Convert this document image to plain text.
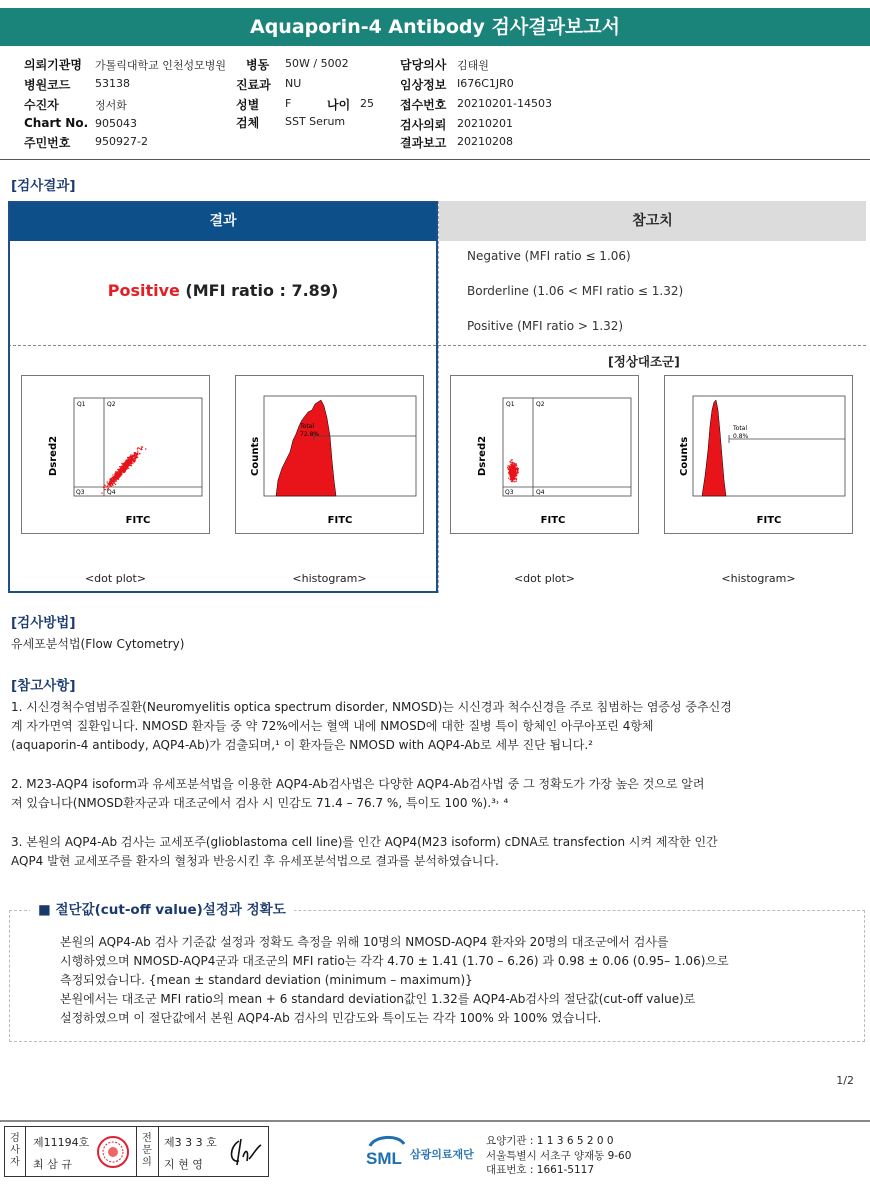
Aquaporin-4 Antibody 검사결과보고서
의뢰기관명 가톨릭대학교 인천성모병원 병동 50W / 5002	담당의사 김태원
병원코드 53138	진료과 NU	임상정보 I676C1JR0
수진자	정서화	성별 F	나이 25 접수번호 20210201-14503
Chart No. 905043	검체 SST Serum	검사의뢰 20210201
주민번호 950927-2	결과보고 20210208
[검사결과]
결과	참고치
Positive (MFI ratio : 7.89)
Negative (MFI ratio ≤ 1.06)
Borderline (1.06 < MFI ratio ≤ 1.32)
Positive (MFI ratio > 1.32)
[정상대조군]
Q1	Q2
Q3	Q4
Dsred2
FITC
<dot plot>
Total
72.8%
Counts
FITC
<histogram>
Q1	Q2
Q3	Q4
Dsred2
FITC
<dot plot>
Total
0.8%
Counts
FITC
<histogram>
[검사방법]
유세포분석법(Flow Cytometry)
[참고사항]
1. 시신경척수염범주질환(Neuromyelitis optica spectrum disorder, NMOSD)는 시신경과 척수신경을 주로 침범하는 염증성 중추신경
계 자가면역 질환입니다. NMOSD 환자들 중 약 72%에서는 혈액 내에 NMOSD에 대한 질병 특이 항체인 아쿠아포린 4항체
(aquaporin-4 antibody, AQP4-Ab)가 검출되며,¹ 이 환자들은 NMOSD with AQP4-Ab로 세부 진단 됩니다.²
2. M23-AQP4 isoform과 유세포분석법을 이용한 AQP4-Ab검사법은 다양한 AQP4-Ab검사법 중 그 정확도가 가장 높은 것으로 알려
져 있습니다(NMOSD환자군과 대조군에서 검사 시 민감도 71.4 – 76.7 %, 특이도 100 %).³˒ ⁴
3. 본원의 AQP4-Ab 검사는 교세포주(glioblastoma cell line)를 인간 AQP4(M23 isoform) cDNA로 transfection 시켜 제작한 인간
AQP4 발현 교세포주를 환자의 혈청과 반응시킨 후 유세포분석법으로 결과를 분석하였습니다.
■ 절단값(cut-off value)설정과 정확도
본원의 AQP4-Ab 검사 기준값 설정과 정확도 측정을 위해 10명의 NMOSD-AQP4 환자와 20명의 대조군에서 검사를
시행하였으며 NMOSD-AQP4군과 대조군의 MFI ratio는 각각 4.70 ± 1.41 (1.70 – 6.26) 과 0.98 ± 0.06 (0.95– 1.06)으로
측정되었습니다. {mean ± standard deviation (minimum – maximum)}
본원에서는 대조군 MFI ratio의 mean + 6 standard deviation값인 1.32를 AQP4-Ab검사의 절단값(cut-off value)로
설정하였으며 이 절단값에서 본원 AQP4-Ab 검사의 민감도와 특이도는 각각 100% 와 100% 였습니다.
1/2
검사자
제11194호
최 삼 규
전문의
제3 3 3 호
지 현 영	SML 삼광의료재단
요양기관 : 1 1 3 6 5 2 0 0
서울특별시 서초구 양재동 9-60
대표번호 : 1661-5117
